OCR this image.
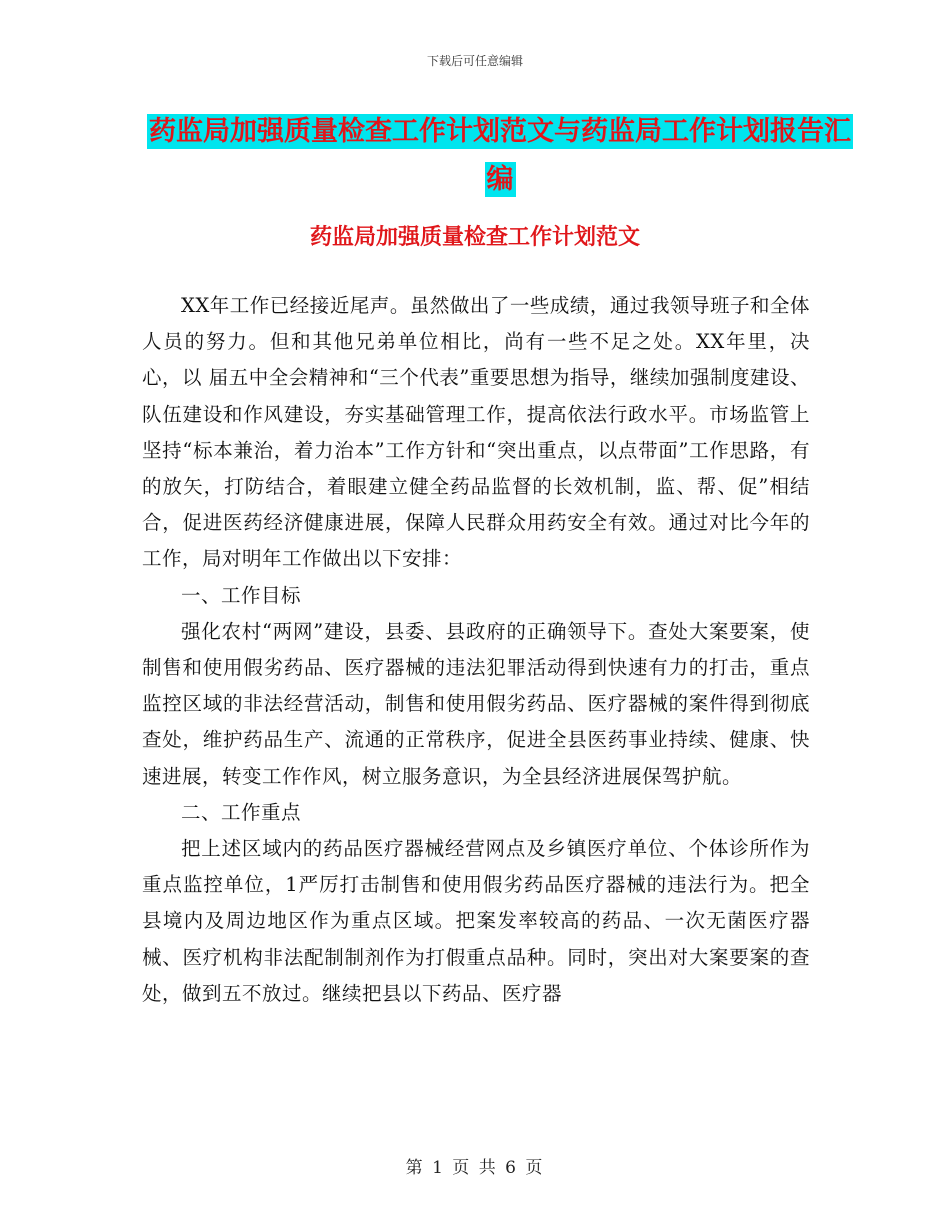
下载后可任意编辑
药监局加强质量检查工作计划范文与药监局工作计划报告汇编
药监局加强质量检查工作计划范文

XX年工作已经接近尾声。虽然做出了一些成绩，通过我领导班子和全体人员的努力。但和其他兄弟单位相比，尚有一些不足之处。XX年里，决心，以 届五中全会精神和“三个代表”重要思想为指导，继续加强制度建设、队伍建设和作风建设，夯实基础管理工作，提高依法行政水平。市场监管上坚持“标本兼治，着力治本”工作方针和“突出重点，以点带面”工作思路，有的放矢，打防结合，着眼建立健全药品监督的长效机制，监、帮、促”相结合，促进医药经济健康进展，保障人民群众用药安全有效。通过对比今年的工作，局对明年工作做出以下安排：

一、工作目标

强化农村“两网”建设，县委、县政府的正确领导下。查处大案要案，使制售和使用假劣药品、医疗器械的违法犯罪活动得到快速有力的打击，重点监控区域的非法经营活动，制售和使用假劣药品、医疗器械的案件得到彻底查处，维护药品生产、流通的正常秩序，促进全县医药事业持续、健康、快速进展，转变工作作风，树立服务意识，为全县经济进展保驾护航。

二、工作重点

把上述区域内的药品医疗器械经营网点及乡镇医疗单位、个体诊所作为重点监控单位，1严厉打击制售和使用假劣药品医疗器械的违法行为。把全县境内及周边地区作为重点区域。把案发率较高的药品、一次无菌医疗器械、医疗机构非法配制制剂作为打假重点品种。同时，突出对大案要案的查处，做到五不放过。继续把县以下药品、医疗器

第 1 页 共 6 页
